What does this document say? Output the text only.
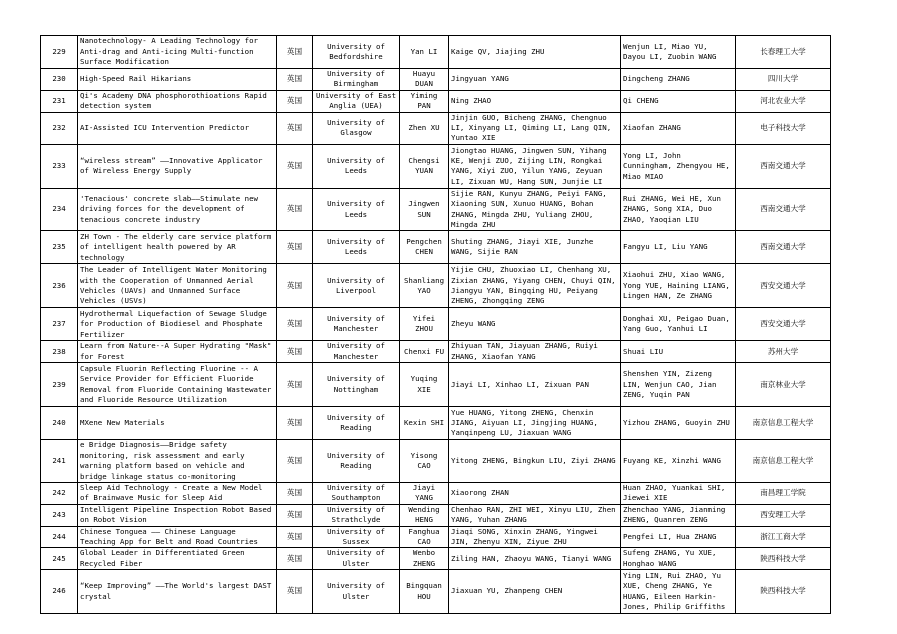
229	Nanotechnology- A Leading Technology for Anti-drag and Anti-icing Multi-function Surface Modification	英国	University of Bedfordshire	Yan LI	Kaige QV, Jiajing ZHU	Wenjun LI, Miao YU, Dayou LI, Zuobin WANG	长春理工大学
230	High-Speed Rail Hikarians	英国	University of Birmingham	Huayu DUAN	Jingyuan YANG	Dingcheng ZHANG	四川大学
231	Qi's Academy DNA phosphorothioations Rapid detection system	英国	University of East Anglia (UEA)	Yiming PAN	Ning ZHAO	Qi CHENG	河北农业大学
232	AI-Assisted ICU Intervention Predictor	英国	University of Glasgow	Zhen XU	Jinjin GUO, Bicheng ZHANG, Chengnuo LI, Xinyang LI, Qiming LI, Lang QIN, Yuntao XIE	Xiaofan ZHANG	电子科技大学
233	“wireless stream” ——Innovative Applicator of Wireless Energy Supply	英国	University of Leeds	Chengsi YUAN	Jiongtao HUANG, Jingwen SUN, Yihang KE, Wenji ZUO, Zijing LIN, Rongkai YANG, Xiyi ZUO, Yilun YANG, Zeyuan LI, Zixuan WU, Hang SUN, Junjie LI	Yong LI, John Cunningham, Zhengyou HE, Miao MIAO	西南交通大学
234	'Tenacious' concrete slab——Stimulate new driving forces for the development of tenacious concrete industry	英国	University of Leeds	Jingwen SUN	Sijie RAN, Kunyu ZHANG, Peiyi FANG, Xiaoning SUN, Xunuo HUANG, Bohan ZHANG, Mingda ZHU, Yuliang ZHOU, Mingda ZHU	Rui ZHANG, Wei HE, Xun ZHANG, Song XIA, Duo ZHAO, Yaoqian LIU	西南交通大学
235	ZH Town - The elderly care service platform of intelligent health powered by AR technology	英国	University of Leeds	Pengchen CHEN	Shuting ZHANG, Jiayi XIE, Junzhe WANG, Sijie RAN	Fangyu LI, Liu YANG	西南交通大学
236	The Leader of Intelligent Water Monitoring with the Cooperation of Unmanned Aerial Vehicles (UAVs) and Unmanned Surface Vehicles (USVs)	英国	University of Liverpool	Shanliang YAO	Yijie CHU, Zhuoxiao LI, Chenhang XU, Zixian ZHANG, Yiyang CHEN, Chuyi QIN, Jiangyu YAN, Bingqing HU, Peiyang ZHENG, Zhongqing ZENG	Xiaohui ZHU, Xiao WANG, Yong YUE, Haining LIANG, Lingen HAN, Ze ZHANG	西安交通大学
237	Hydrothermal Liquefaction of Sewage Sludge for Production of Biodiesel and Phosphate Fertilizer	英国	University of Manchester	Yifei ZHOU	Zheyu WANG	Donghai XU, Peigao Duan, Yang Guo, Yanhui LI	西安交通大学
238	Learn from Nature--A Super Hydrating "Mask" for Forest	英国	University of Manchester	Chenxi FU	Zhiyuan TAN, Jiayuan ZHANG, Ruiyi ZHANG, Xiaofan YANG	Shuai LIU	苏州大学
239	Capsule Fluorin Reflecting Fluorine -- A Service Provider for Efficient Fluoride Removal from Fluoride Containing Wastewater and Fluoride Resource Utilization	英国	University of Nottingham	Yuqing XIE	Jiayi LI, Xinhao LI, Zixuan PAN	Shenshen YIN, Zizeng LIN, Wenjun CAO, Jian ZENG, Yuqin PAN	南京林业大学
240	MXene New Materials	英国	University of Reading	Kexin SHI	Yue HUANG, Yitong ZHENG, Chenxin JIANG, Aiyuan LI, Jingjing HUANG, Yanqinpeng LU, Jiaxuan WANG	Yizhou ZHANG, Guoyin ZHU	南京信息工程大学
241	e Bridge Diagnosis——Bridge safety monitoring, risk assessment and early warning platform based on vehicle and bridge linkage status co-monitoring	英国	University of Reading	Yisong CAO	Yitong ZHENG, Bingkun LIU, Ziyi ZHANG	Fuyang KE, Xinzhi WANG	南京信息工程大学
242	Sleep Aid Technology - Create a New Model of Brainwave Music for Sleep Aid	英国	University of Southampton	Jiayi YANG	Xiaorong ZHAN	Huan ZHAO, Yuankai SHI, Jiewei XIE	南昌理工学院
243	Intelligent Pipeline Inspection Robot Based on Robot Vision	英国	University of Strathclyde	Wending HENG	Chenhao RAN, ZHI WEI, Xinyu LIU, Zhen YANG, Yuhan ZHANG	Zhenchao YANG, Jianming ZHENG, Quanren ZENG	西安理工大学
244	Chinese Tonguea —— Chinese Language Teaching App for Belt and Road Countries	英国	University of Sussex	Fanghua CAO	Jiaqi SONG, Xinxin ZHANG, Yingwei JIN, Zhenyu XIN, Ziyue ZHU	Pengfei LI, Hua ZHANG	浙江工商大学
245	Global Leader in Differentiated Green Recycled Fiber	英国	University of Ulster	Wenbo ZHENG	Ziling HAN, Zhaoyu WANG, Tianyi WANG	Sufeng ZHANG, Yu XUE, Honghao WANG	陕西科技大学
246	“Keep Improving” ——The World's largest DAST crystal	英国	University of Ulster	Bingquan HOU	Jiaxuan YU, Zhanpeng CHEN	Ying LIN, Rui ZHAO, Yu XUE, Cheng ZHANG, Ye HUANG, Eileen Harkin-Jones, Philip Griffiths	陕西科技大学
